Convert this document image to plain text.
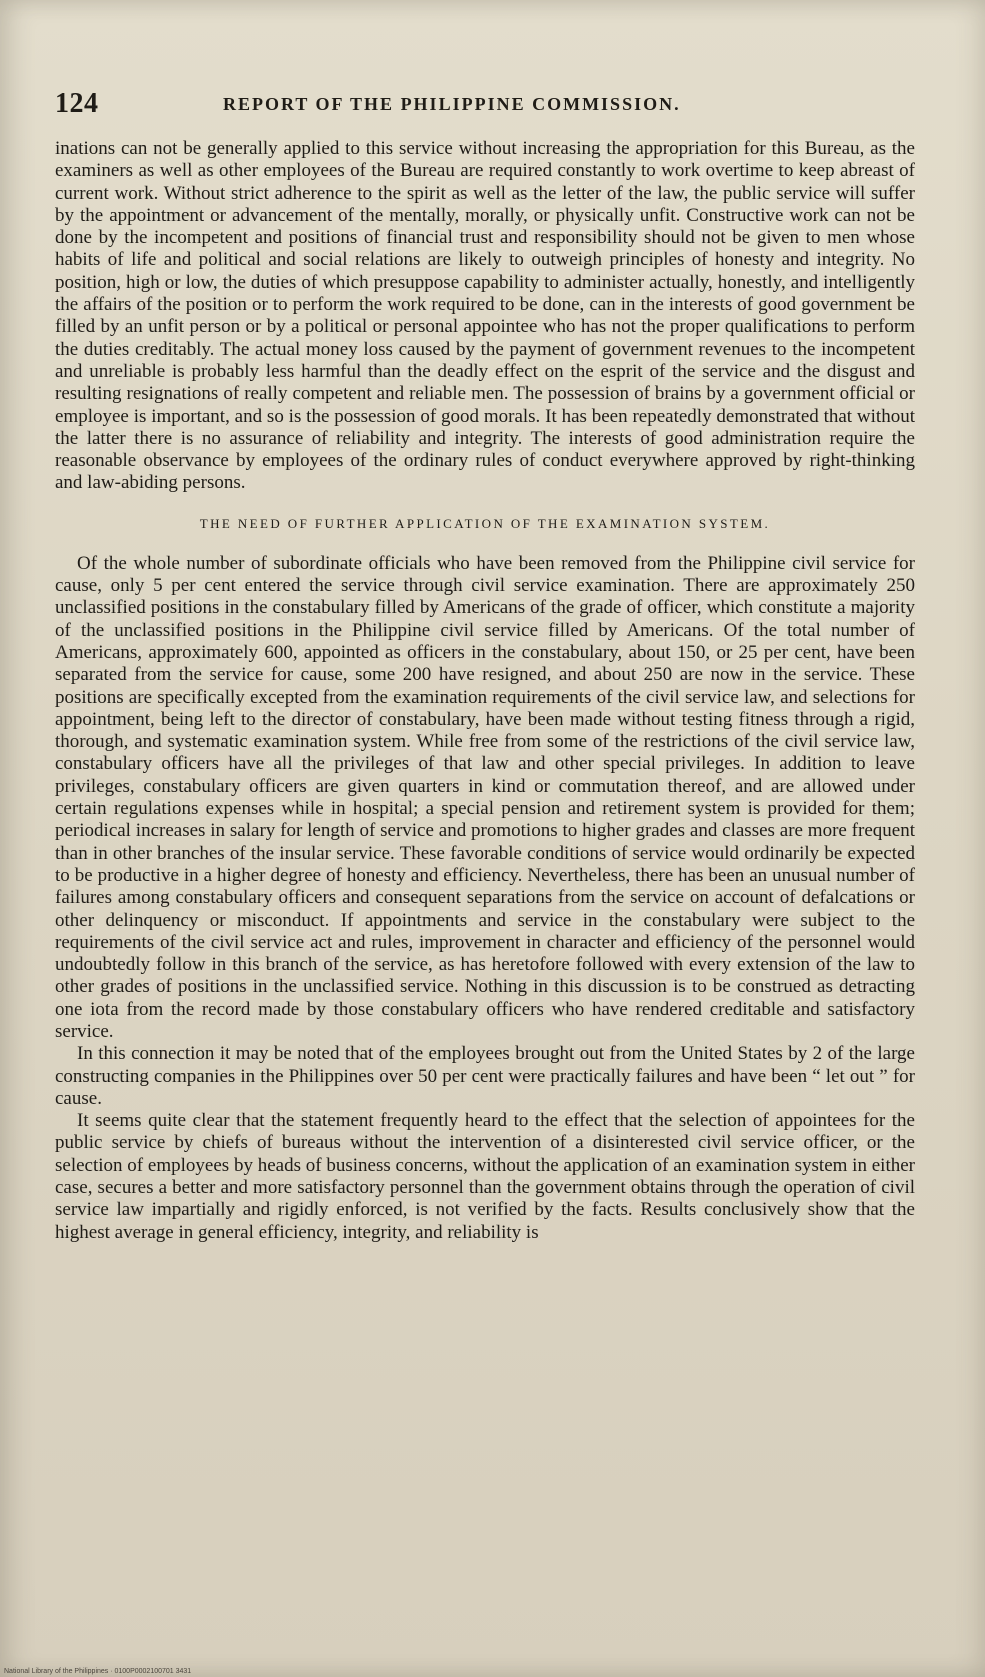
124	REPORT OF THE PHILIPPINE COMMISSION.

inations can not be generally applied to this service without increasing the appropriation for this Bureau, as the examiners as well as other employees of the Bureau are required constantly to work overtime to keep abreast of current work. Without strict adherence to the spirit as well as the letter of the law, the public service will suffer by the appointment or advancement of the mentally, morally, or physically unfit. Constructive work can not be done by the incompetent and positions of financial trust and responsibility should not be given to men whose habits of life and political and social relations are likely to outweigh principles of honesty and integrity. No position, high or low, the duties of which presuppose capability to administer actually, honestly, and intelligently the affairs of the position or to perform the work required to be done, can in the interests of good government be filled by an unfit person or by a political or personal appointee who has not the proper qualifications to perform the duties creditably. The actual money loss caused by the payment of government revenues to the incompetent and unreliable is probably less harmful than the deadly effect on the esprit of the service and the disgust and resulting resignations of really competent and reliable men. The possession of brains by a government official or employee is important, and so is the possession of good morals. It has been repeatedly demonstrated that without the latter there is no assurance of reliability and integrity. The interests of good administration require the reasonable observance by employees of the ordinary rules of conduct everywhere approved by right-thinking and law-abiding persons.

THE NEED OF FURTHER APPLICATION OF THE EXAMINATION SYSTEM.

Of the whole number of subordinate officials who have been removed from the Philippine civil service for cause, only 5 per cent entered the service through civil service examination. There are approximately 250 unclassified positions in the constabulary filled by Americans of the grade of officer, which constitute a majority of the unclassified positions in the Philippine civil service filled by Americans. Of the total number of Americans, approximately 600, appointed as officers in the constabulary, about 150, or 25 per cent, have been separated from the service for cause, some 200 have resigned, and about 250 are now in the service. These positions are specifically excepted from the examination requirements of the civil service law, and selections for appointment, being left to the director of constabulary, have been made without testing fitness through a rigid, thorough, and systematic examination system. While free from some of the restrictions of the civil service law, constabulary officers have all the privileges of that law and other special privileges. In addition to leave privileges, constabulary officers are given quarters in kind or commutation thereof, and are allowed under certain regulations expenses while in hospital; a special pension and retirement system is provided for them; periodical increases in salary for length of service and promotions to higher grades and classes are more frequent than in other branches of the insular service. These favorable conditions of service would ordinarily be expected to be productive in a higher degree of honesty and efficiency. Nevertheless, there has been an unusual number of failures among constabulary officers and consequent separations from the service on account of defalcations or other delinquency or misconduct. If appointments and service in the constabulary were subject to the requirements of the civil service act and rules, improvement in character and efficiency of the personnel would undoubtedly follow in this branch of the service, as has heretofore followed with every extension of the law to other grades of positions in the unclassified service. Nothing in this discussion is to be construed as detracting one iota from the record made by those constabulary officers who have rendered creditable and satisfactory service.

In this connection it may be noted that of the employees brought out from the United States by 2 of the large constructing companies in the Philippines over 50 per cent were practically failures and have been “ let out ” for cause.

It seems quite clear that the statement frequently heard to the effect that the selection of appointees for the public service by chiefs of bureaus without the intervention of a disinterested civil service officer, or the selection of employees by heads of business concerns, without the application of an examination system in either case, secures a better and more satisfactory personnel than the government obtains through the operation of civil service law impartially and rigidly enforced, is not verified by the facts. Results conclusively show that the highest average in general efficiency, integrity, and reliability is

National Library of the Philippines · 0100P0002100701 3431
